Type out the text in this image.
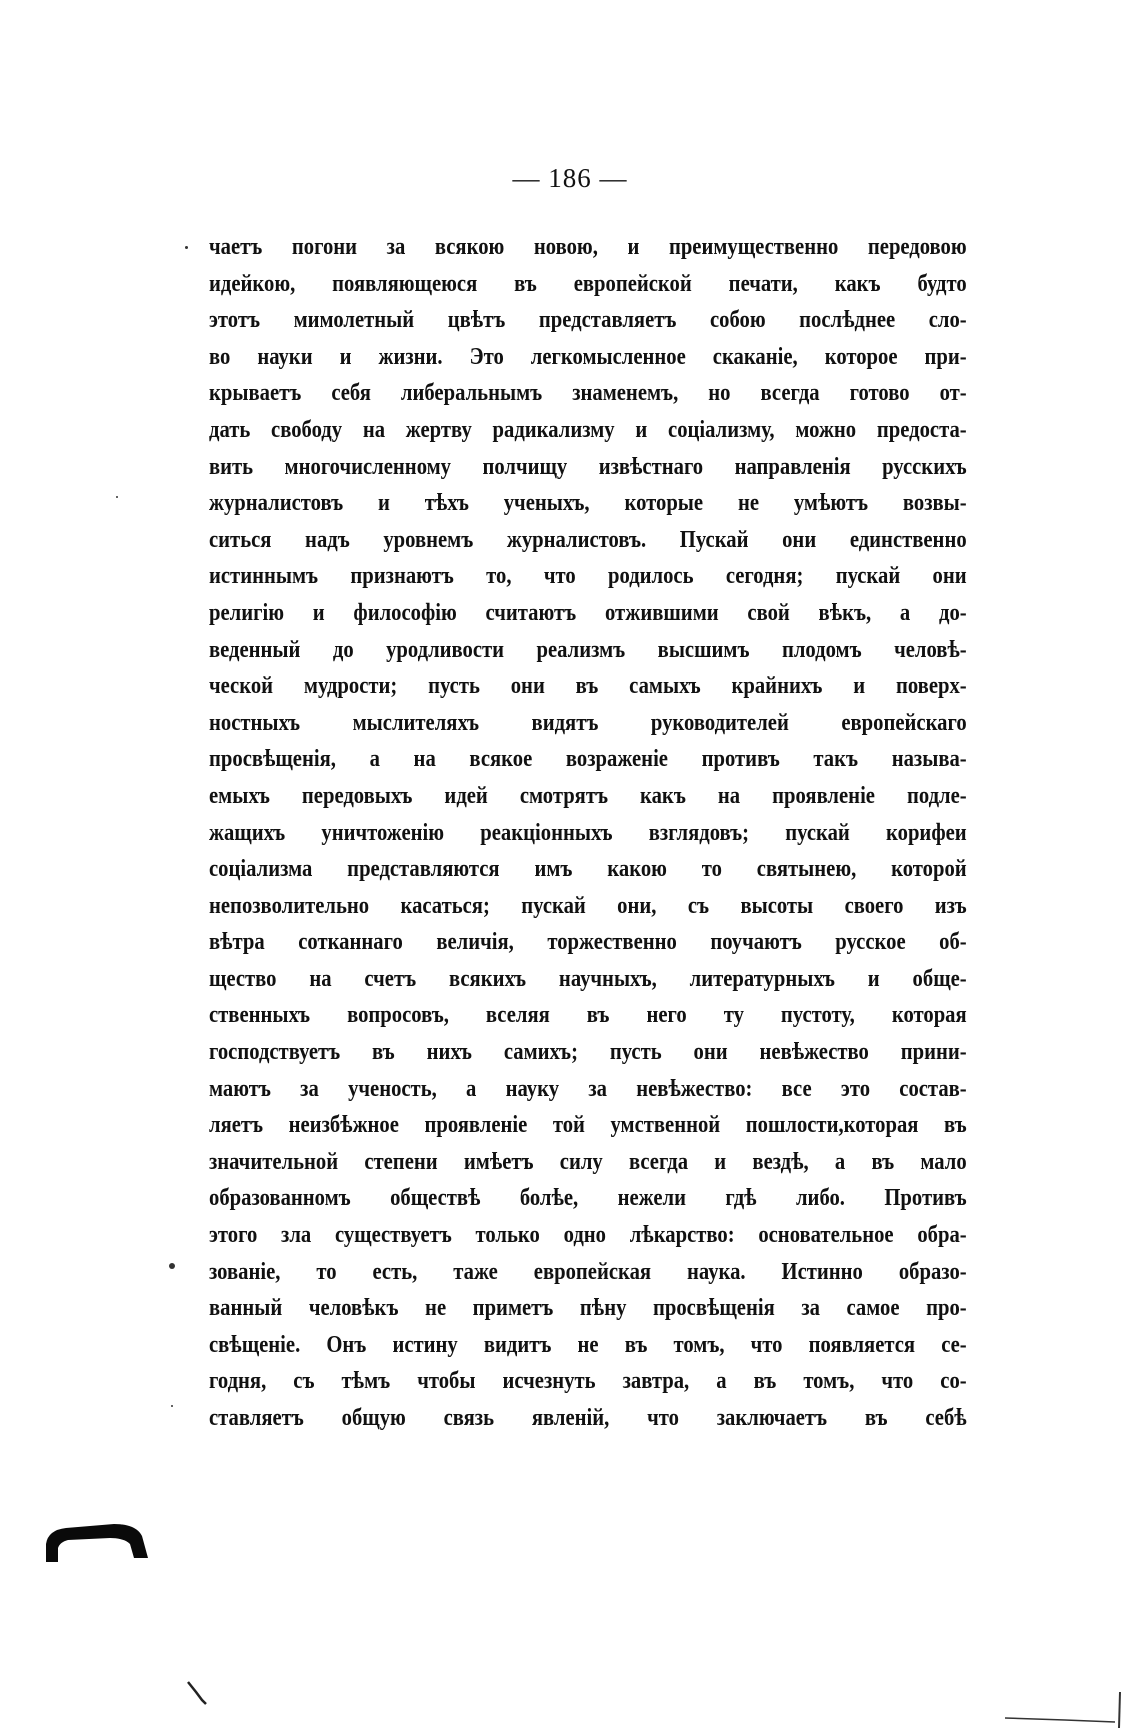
— 186 —
чаетъ погони за всякою новою, и преимущественно передовою
идейкою, появляющеюся въ европейской печати, какъ будто
этотъ мимолетный цвѣтъ представляетъ собою послѣднее сло-
во науки и жизни. Это легкомысленное скаканіе, которое при-
крываетъ себя либеральнымъ знаменемъ, но всегда готово от-
дать свободу на жертву радикализму и соціализму, можно предоста-
вить многочисленному полчищу извѣстнаго направленія русскихъ
журналистовъ и тѣхъ ученыхъ, которые не умѣютъ возвы-
ситься надъ уровнемъ журналистовъ. Пускай они единственно
истиннымъ признаютъ то, что родилось сегодня; пускай они
религію и философію считаютъ отжившими свой вѣкъ, а до-
веденный до уродливости реализмъ высшимъ плодомъ человѣ-
ческой мудрости; пусть они въ самыхъ крайнихъ и поверх-
ностныхъ мыслителяхъ видятъ руководителей европейскаго
просвѣщенія, а на всякое возраженіе противъ такъ называ-
емыхъ передовыхъ идей смотрятъ какъ на проявленіе подле-
жащихъ уничтоженію реакціонныхъ взглядовъ; пускай корифеи
соціализма представляются имъ какою то святынею, которой
непозволительно касаться; пускай они, съ высоты своего изъ
вѣтра сотканнаго величія, торжественно поучаютъ русское об-
щество на счетъ всякихъ научныхъ, литературныхъ и обще-
ственныхъ вопросовъ, вселяя въ него ту пустоту, которая
господствуетъ въ нихъ самихъ; пусть они невѣжество прини-
маютъ за ученость, а науку за невѣжество: все это состав-
ляетъ неизбѣжное проявленіе той умственной пошлости,которая въ
значительной степени имѣетъ силу всегда и вездѣ, а въ мало
образованномъ обществѣ болѣе, нежели гдѣ либо. Противъ
этого зла существуетъ только одно лѣкарство: основательное обра-
зованіе, то есть, таже европейская наука. Истинно образо-
ванный человѣкъ не приметъ пѣну просвѣщенія за самое про-
свѣщеніе. Онъ истину видитъ не въ томъ, что появляется се-
годня, съ тѣмъ чтобы исчезнуть завтра, а въ томъ, что со-
ставляетъ общую связь явленій, что заключаетъ въ себѣ
